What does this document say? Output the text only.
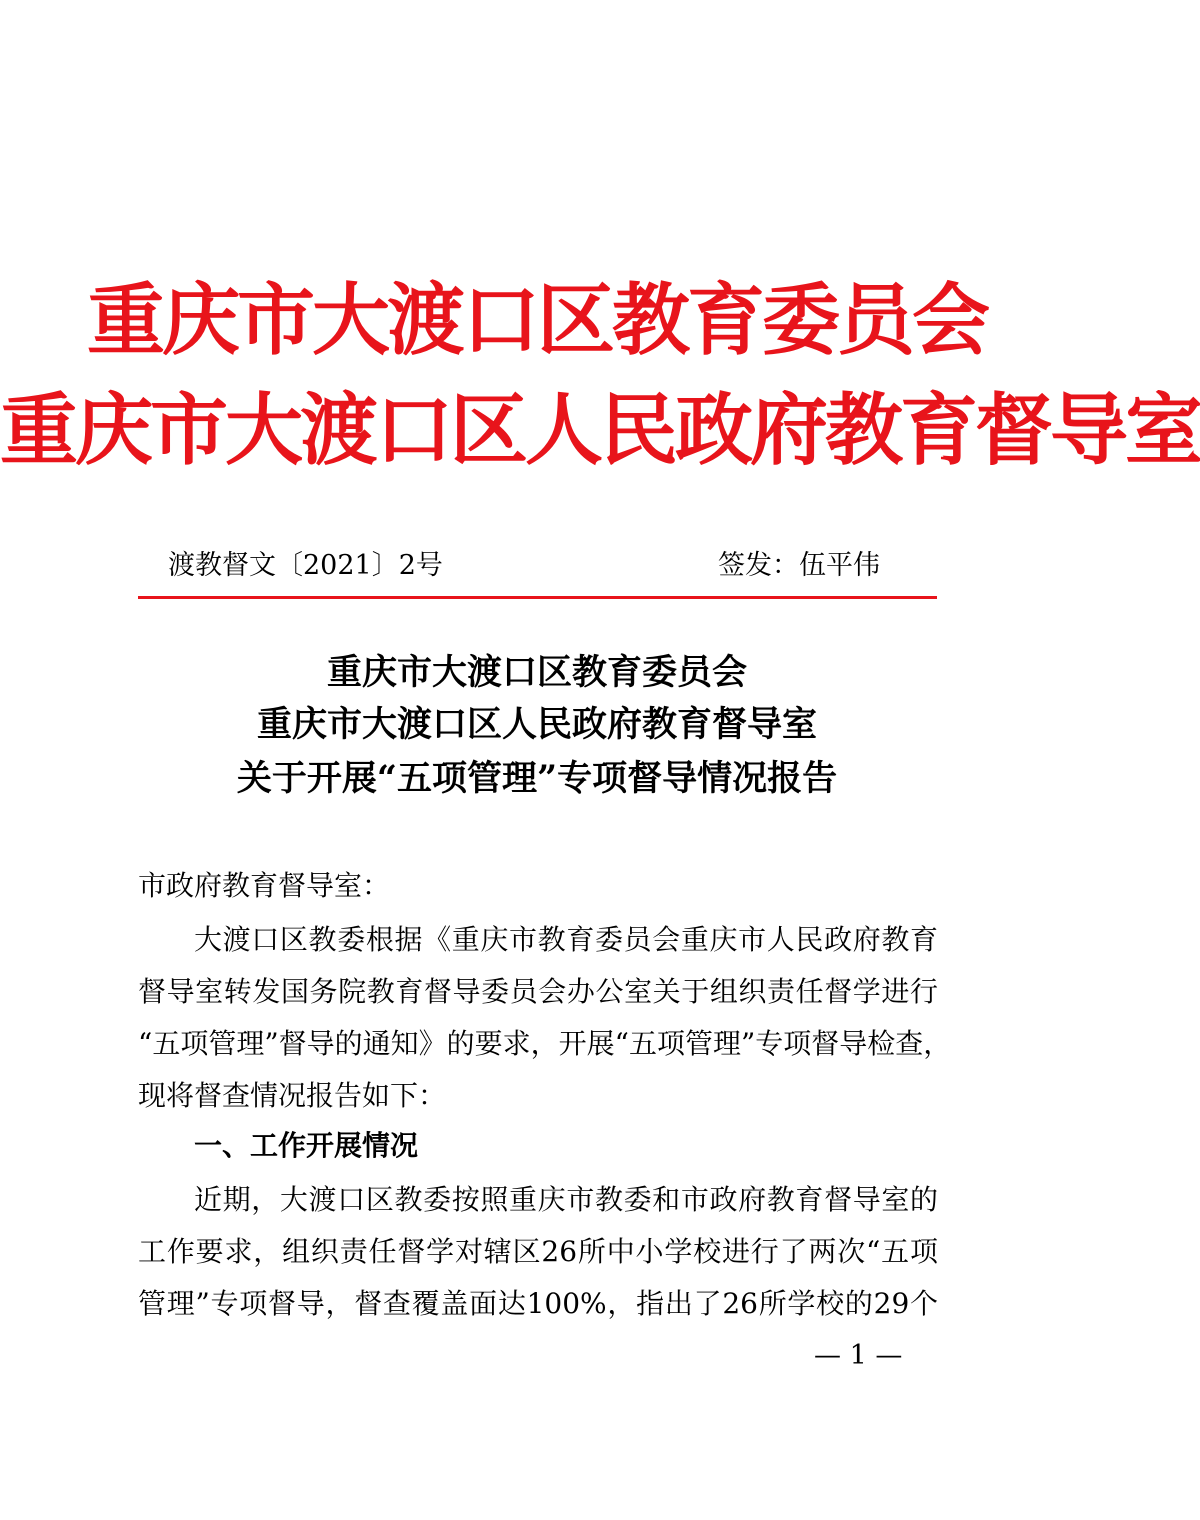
重庆市大渡口区教育委员会
重庆市大渡口区人民政府教育督导室
渡教督文〔2021〕2号	签发：伍平伟
重庆市大渡口区教育委员会
重庆市大渡口区人民政府教育督导室
关于开展“五项管理”专项督导情况报告
市政府教育督导室：
大渡口区教委根据《重庆市教育委员会重庆市人民政府教育
督导室转发国务院教育督导委员会办公室关于组织责任督学进行
“五项管理”督导的通知》的要求，开展“五项管理”专项督导检查，
现将督查情况报告如下：
一、工作开展情况
近期，大渡口区教委按照重庆市教委和市政府教育督导室的
工作要求，组织责任督学对辖区26所中小学校进行了两次“五项
管理”专项督导，督查覆盖面达100%，指出了26所学校的29个
— 1 —
